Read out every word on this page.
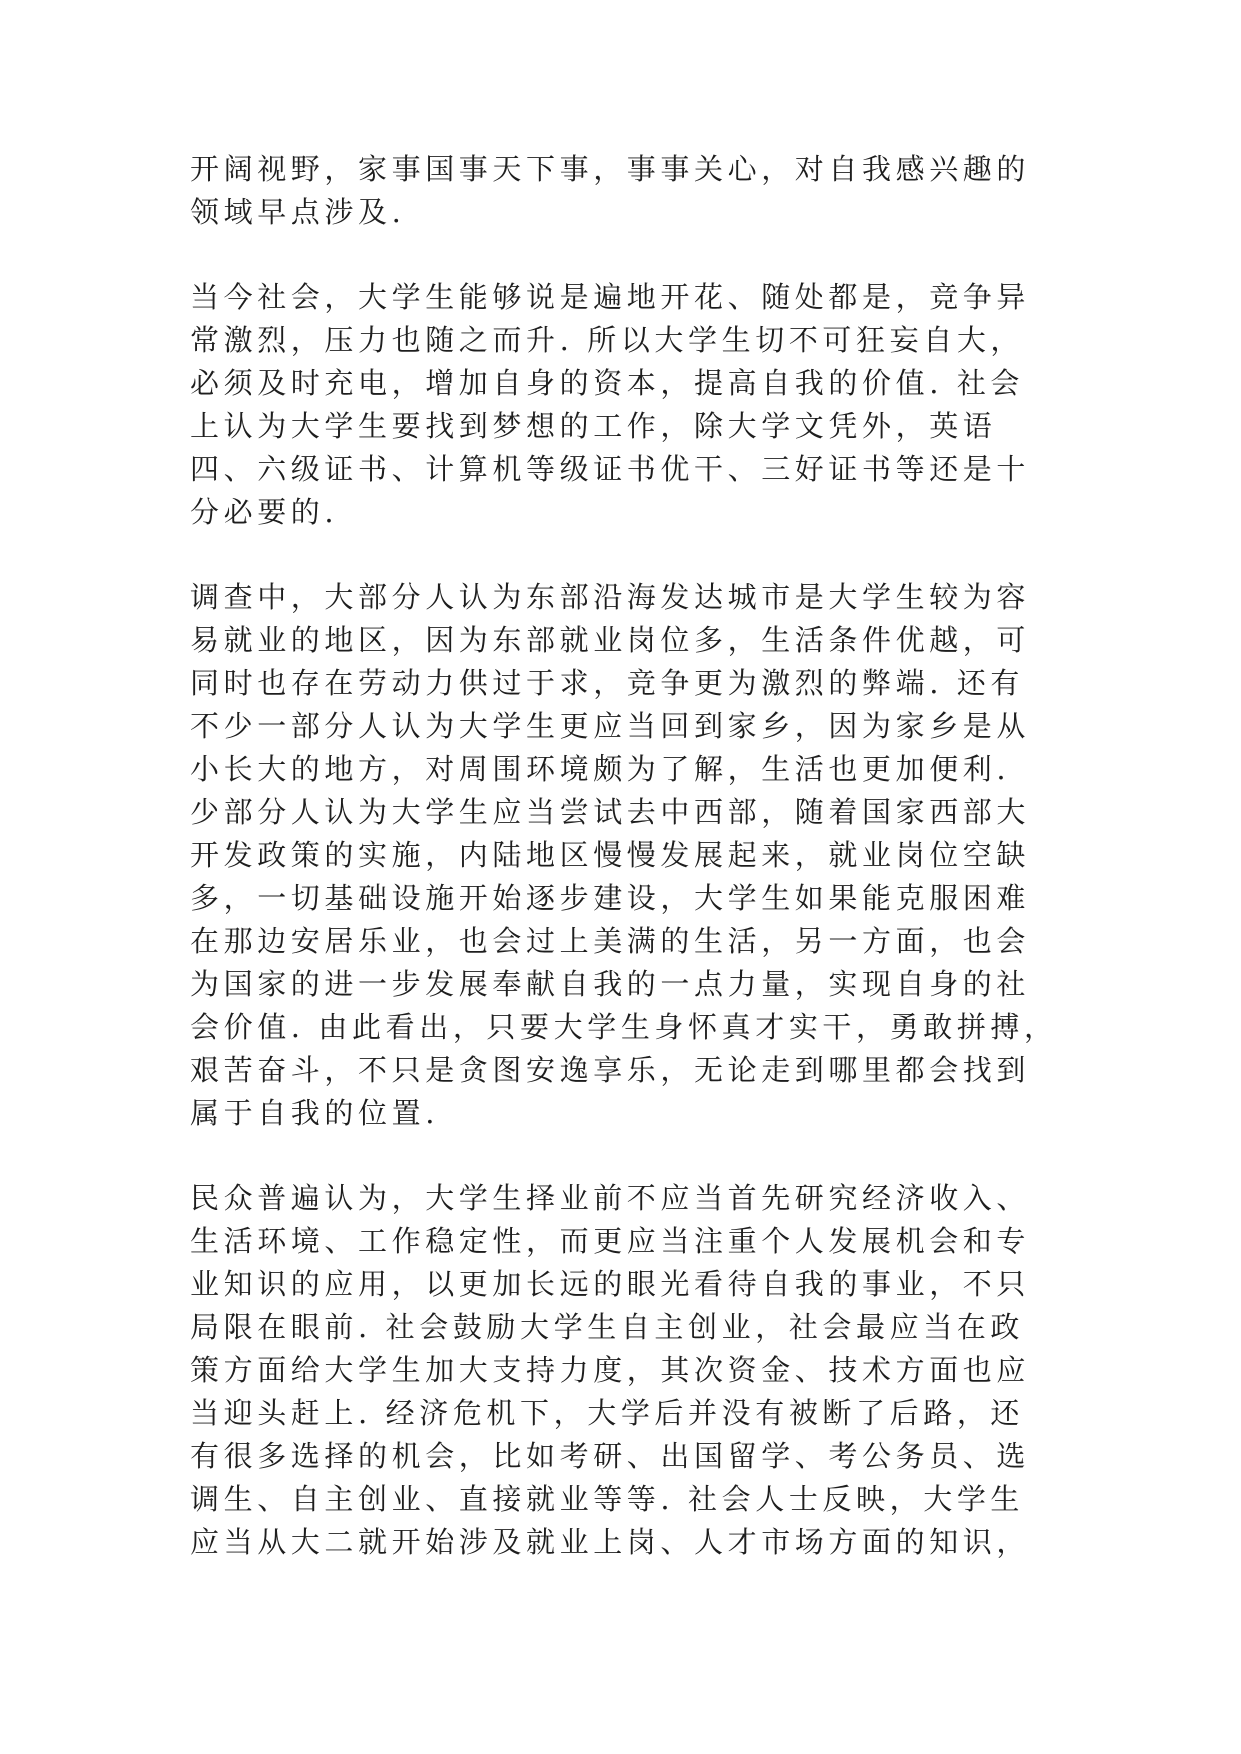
开阔视野，家事国事天下事，事事关心，对自我感兴趣的
领域早点涉及.
当今社会，大学生能够说是遍地开花、随处都是，竞争异
常激烈，压力也随之而升. 所以大学生切不可狂妄自大，
必须及时充电，增加自身的资本，提高自我的价值. 社会
上认为大学生要找到梦想的工作，除大学文凭外，英语
四、六级证书、计算机等级证书优干、三好证书等还是十
分必要的.
调查中，大部分人认为东部沿海发达城市是大学生较为容
易就业的地区，因为东部就业岗位多，生活条件优越，可
同时也存在劳动力供过于求，竞争更为激烈的弊端. 还有
不少一部分人认为大学生更应当回到家乡，因为家乡是从
小长大的地方，对周围环境颇为了解，生活也更加便利.
少部分人认为大学生应当尝试去中西部，随着国家西部大
开发政策的实施，内陆地区慢慢发展起来，就业岗位空缺
多，一切基础设施开始逐步建设，大学生如果能克服困难
在那边安居乐业，也会过上美满的生活，另一方面，也会
为国家的进一步发展奉献自我的一点力量，实现自身的社
会价值. 由此看出，只要大学生身怀真才实干，勇敢拼搏，
艰苦奋斗，不只是贪图安逸享乐，无论走到哪里都会找到
属于自我的位置.
民众普遍认为，大学生择业前不应当首先研究经济收入、
生活环境、工作稳定性，而更应当注重个人发展机会和专
业知识的应用，以更加长远的眼光看待自我的事业，不只
局限在眼前. 社会鼓励大学生自主创业，社会最应当在政
策方面给大学生加大支持力度，其次资金、技术方面也应
当迎头赶上. 经济危机下，大学后并没有被断了后路，还
有很多选择的机会，比如考研、出国留学、考公务员、选
调生、自主创业、直接就业等等. 社会人士反映，大学生
应当从大二就开始涉及就业上岗、人才市场方面的知识，
